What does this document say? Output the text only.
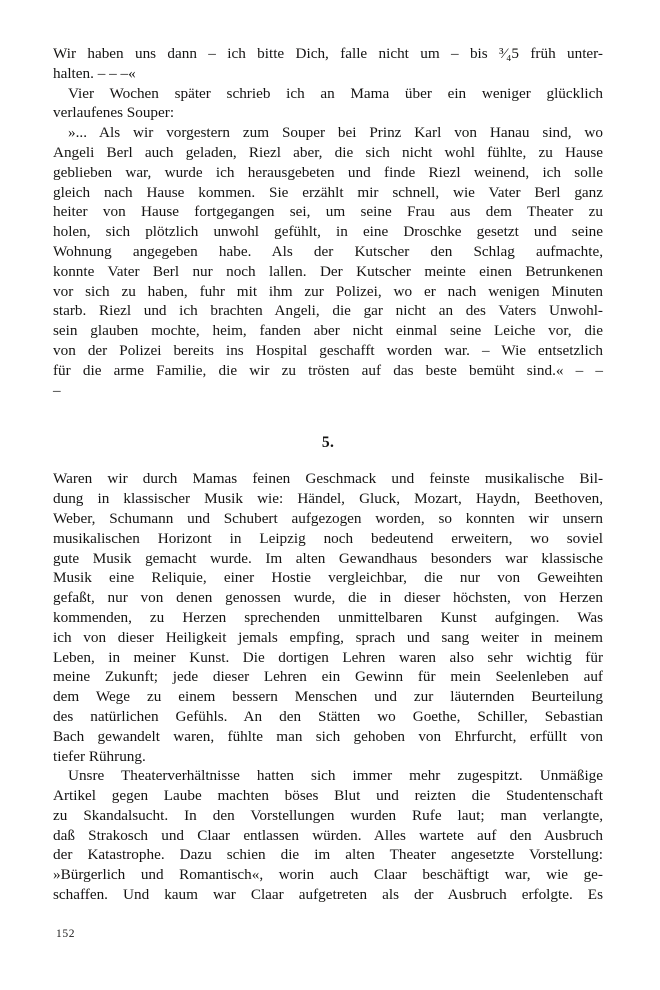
Wir haben uns dann – ich bitte Dich, falle nicht um – bis ³⁄₄5 früh unter-
halten. – – –«
Vier Wochen später schrieb ich an Mama über ein weniger glücklich
verlaufenes Souper:
»... Als wir vorgestern zum Souper bei Prinz Karl von Hanau sind, wo
Angeli Berl auch geladen, Riezl aber, die sich nicht wohl fühlte, zu Hause
geblieben war, wurde ich herausgebeten und finde Riezl weinend, ich solle
gleich nach Hause kommen. Sie erzählt mir schnell, wie Vater Berl ganz
heiter von Hause fortgegangen sei, um seine Frau aus dem Theater zu
holen, sich plötzlich unwohl gefühlt, in eine Droschke gesetzt und seine
Wohnung angegeben habe. Als der Kutscher den Schlag aufmachte,
konnte Vater Berl nur noch lallen. Der Kutscher meinte einen Betrunkenen
vor sich zu haben, fuhr mit ihm zur Polizei, wo er nach wenigen Minuten
starb. Riezl und ich brachten Angeli, die gar nicht an des Vaters Unwohl-
sein glauben mochte, heim, fanden aber nicht einmal seine Leiche vor, die
von der Polizei bereits ins Hospital geschafft worden war. – Wie entsetzlich
für die arme Familie, die wir zu trösten auf das beste bemüht sind.« – –
–
5.
Waren wir durch Mamas feinen Geschmack und feinste musikalische Bil-
dung in klassischer Musik wie: Händel, Gluck, Mozart, Haydn, Beethoven,
Weber, Schumann und Schubert aufgezogen worden, so konnten wir unsern
musikalischen Horizont in Leipzig noch bedeutend erweitern, wo soviel
gute Musik gemacht wurde. Im alten Gewandhaus besonders war klassische
Musik eine Reliquie, einer Hostie vergleichbar, die nur von Geweihten
gefaßt, nur von denen genossen wurde, die in dieser höchsten, von Herzen
kommenden, zu Herzen sprechenden unmittelbaren Kunst aufgingen. Was
ich von dieser Heiligkeit jemals empfing, sprach und sang weiter in meinem
Leben, in meiner Kunst. Die dortigen Lehren waren also sehr wichtig für
meine Zukunft; jede dieser Lehren ein Gewinn für mein Seelenleben auf
dem Wege zu einem bessern Menschen und zur läuternden Beurteilung
des natürlichen Gefühls. An den Stätten wo Goethe, Schiller, Sebastian
Bach gewandelt waren, fühlte man sich gehoben von Ehrfurcht, erfüllt von
tiefer Rührung.
Unsre Theaterverhältnisse hatten sich immer mehr zugespitzt. Unmäßige
Artikel gegen Laube machten böses Blut und reizten die Studentenschaft
zu Skandalsucht. In den Vorstellungen wurden Rufe laut; man verlangte,
daß Strakosch und Claar entlassen würden. Alles wartete auf den Ausbruch
der Katastrophe. Dazu schien die im alten Theater angesetzte Vorstellung:
»Bürgerlich und Romantisch«, worin auch Claar beschäftigt war, wie ge-
schaffen. Und kaum war Claar aufgetreten als der Ausbruch erfolgte. Es
152
